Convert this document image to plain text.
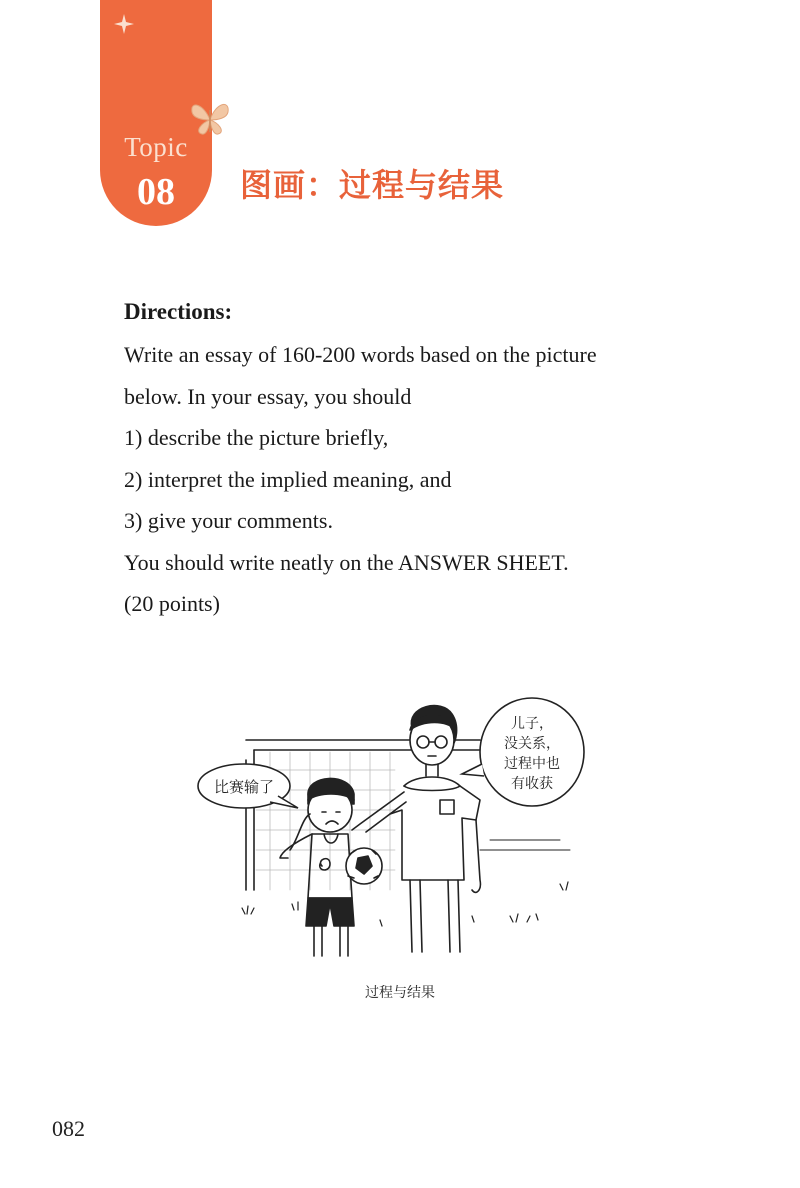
Topic
08	图画：过程与结果
Directions:
Write an essay of 160-200 words based on the picture
below. In your essay, you should
1) describe the picture briefly,
2) interpret the implied meaning, and
3) give your comments.
You should write neatly on the ANSWER SHEET.
(20 points)
比赛输了
儿子，
没关系，
过程中也
有收获
过程与结果
082
